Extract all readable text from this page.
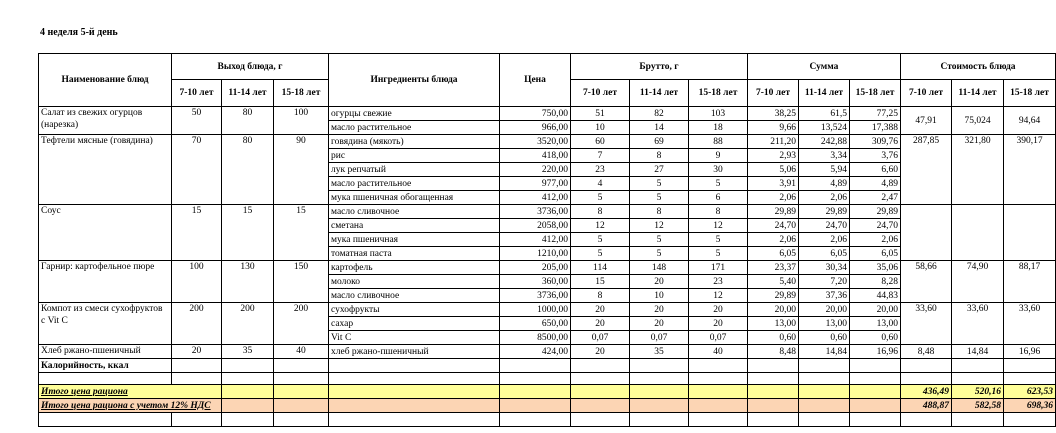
4 неделя 5-й день
Наименование блюд	Выход блюда, г			Ингредиенты блюда	Цена	Брутто, г			Сумма			Стоимость блюда		
	7-10 лет	11-14 лет	15-18 лет			7-10 лет	11-14 лет	15-18 лет	7-10 лет	11-14 лет	15-18 лет	7-10 лет	11-14 лет	15-18 лет
Салат из свежих огурцов (нарезка)	50	80	100	огурцы свежие	750,00	51	82	103	38,25	61,5	77,25	47,91	75,024	94,64
				масло растительное	966,00	10	14	18	9,66	13,524	17,388			
Тефтели мясные (говядина)	70	80	90	говядина (мякоть)	3520,00	60	69	88	211,20	242,88	309,76	287,85	321,80	390,17
				рис	418,00	7	8	9	2,93	3,34	3,76			
				лук репчатый	220,00	23	27	30	5,06	5,94	6,60			
				масло растительное	977,00	4	5	5	3,91	4,89	4,89			
				мука пшеничная обогащенная	412,00	5	5	6	2,06	2,06	2,47			
Соус	15	15	15	масло сливочное	3736,00	8	8	8	29,89	29,89	29,89			
				сметана	2058,00	12	12	12	24,70	24,70	24,70			
				мука пшеничная	412,00	5	5	5	2,06	2,06	2,06			
				томатная паста	1210,00	5	5	5	6,05	6,05	6,05			
Гарнир: картофельное пюре	100	130	150	картофель	205,00	114	148	171	23,37	30,34	35,06	58,66	74,90	88,17
				молоко	360,00	15	20	23	5,40	7,20	8,28			
				масло сливочное	3736,00	8	10	12	29,89	37,36	44,83			
Компот из смеси сухофруктов с Vit C	200	200	200	сухофрукты	1000,00	20	20	20	20,00	20,00	20,00	33,60	33,60	33,60
				сахар	650,00	20	20	20	13,00	13,00	13,00			
				Vit C	8500,00	0,07	0,07	0,07	0,60	0,60	0,60			
Хлеб ржано-пшеничный	20	35	40	хлеб ржано-пшеничный	424,00	20	35	40	8,48	14,84	16,96	8,48	14,84	16,96
Калорийность, ккал														

Итого цена рациона												436,49	520,16	623,53
Итого цена рациона с учетом 12% НДС												488,87	582,58	698,36
